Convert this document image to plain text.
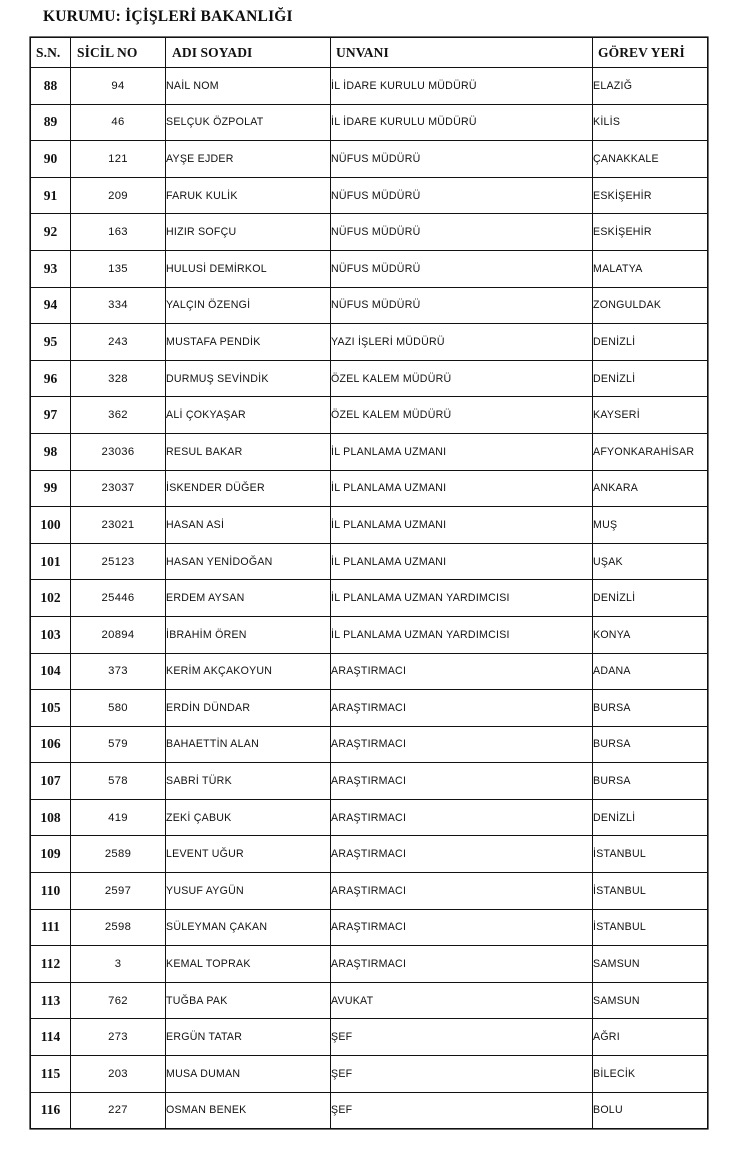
KURUMU: İÇİŞLERİ BAKANLIĞI
S.N.	SİCİL NO	ADI SOYADI	UNVANI	GÖREV YERİ
88	94	NAİL NOM	İL İDARE KURULU MÜDÜRÜ	ELAZIĞ
89	46	SELÇUK ÖZPOLAT	İL İDARE KURULU MÜDÜRÜ	KİLİS
90	121	AYŞE EJDER	NÜFUS MÜDÜRÜ	ÇANAKKALE
91	209	FARUK KULİK	NÜFUS MÜDÜRÜ	ESKİŞEHİR
92	163	HIZIR SOFÇU	NÜFUS MÜDÜRÜ	ESKİŞEHİR
93	135	HULUSİ DEMİRKOL	NÜFUS MÜDÜRÜ	MALATYA
94	334	YALÇIN ÖZENGİ	NÜFUS MÜDÜRÜ	ZONGULDAK
95	243	MUSTAFA PENDİK	YAZI İŞLERİ MÜDÜRÜ	DENİZLİ
96	328	DURMUŞ SEVİNDİK	ÖZEL KALEM MÜDÜRÜ	DENİZLİ
97	362	ALİ ÇOKYAŞAR	ÖZEL KALEM MÜDÜRÜ	KAYSERİ
98	23036	RESUL BAKAR	İL PLANLAMA UZMANI	AFYONKARAHİSAR
99	23037	İSKENDER DÜĞER	İL PLANLAMA UZMANI	ANKARA
100	23021	HASAN ASİ	İL PLANLAMA UZMANI	MUŞ
101	25123	HASAN YENİDOĞAN	İL PLANLAMA UZMANI	UŞAK
102	25446	ERDEM AYSAN	İL PLANLAMA UZMAN YARDIMCISI	DENİZLİ
103	20894	İBRAHİM ÖREN	İL PLANLAMA UZMAN YARDIMCISI	KONYA
104	373	KERİM AKÇAKOYUN	ARAŞTIRMACI	ADANA
105	580	ERDİN DÜNDAR	ARAŞTIRMACI	BURSA
106	579	BAHAETTİN ALAN	ARAŞTIRMACI	BURSA
107	578	SABRİ TÜRK	ARAŞTIRMACI	BURSA
108	419	ZEKİ ÇABUK	ARAŞTIRMACI	DENİZLİ
109	2589	LEVENT UĞUR	ARAŞTIRMACI	İSTANBUL
110	2597	YUSUF AYGÜN	ARAŞTIRMACI	İSTANBUL
111	2598	SÜLEYMAN ÇAKAN	ARAŞTIRMACI	İSTANBUL
112	3	KEMAL TOPRAK	ARAŞTIRMACI	SAMSUN
113	762	TUĞBA PAK	AVUKAT	SAMSUN
114	273	ERGÜN TATAR	ŞEF	AĞRI
115	203	MUSA DUMAN	ŞEF	BİLECİK
116	227	OSMAN BENEK	ŞEF	BOLU
